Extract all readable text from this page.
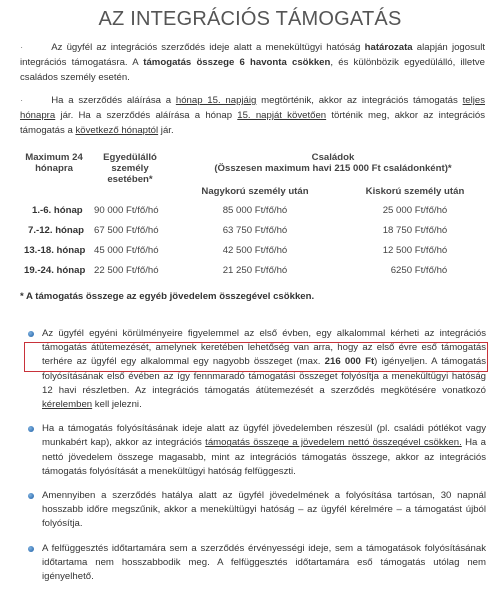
AZ INTEGRÁCIÓS TÁMOGATÁS
·	Az ügyfél az integrációs szerződés ideje alatt a menekültügyi hatóság határozata alapján jogosult integrációs támogatásra. A támogatás összege 6 havonta csökken, és különbözik egyedülálló, illetve családos személy esetén.
·	Ha a szerződés aláírása a hónap 15. napjáig megtörténik, akkor az integrációs támogatás teljes hónapra jár. Ha a szerződés aláírása a hónap 15. napját követően történik meg, akkor az integrációs támogatás a következő hónaptól jár.
Maximum 24 hónapra	Egyedülálló személy esetében*	Családok
(Összesen maximum havi 215 000 Ft családonként)*	

		Nagykorú személy után	Kiskorú személy után
1.-6. hónap	90 000 Ft/fő/hó	85 000 Ft/fő/hó	25 000 Ft/fő/hó
7.-12. hónap	67 500 Ft/fő/hó	63 750 Ft/fő/hó	18 750 Ft/fő/hó
13.-18. hónap	45 000 Ft/fő/hó	42 500 Ft/fő/hó	12 500 Ft/fő/hó
19.-24. hónap	22 500 Ft/fő/hó	21 250 Ft/fő/hó	6250 Ft/fő/hó
* A támogatás összege az egyéb jövedelem összegével csökken.
Az ügyfél egyéni körülményeire figyelemmel az első évben, egy alkalommal kérheti az integrációs támogatás átütemezését, amelynek keretében lehetőség van arra, hogy az első évre eső támogatás terhére az ügyfél egy alkalommal egy nagyobb összeget (max. 216 000 Ft) igényeljen. A támogatás folyósításának első évében az így fennmaradó támogatási összeget folyósítja a menekültügyi hatóság 12 havi részletben. Az integrációs támogatás átütemezését a szerződés megkötésére vonatkozó kérelemben kell jelezni.
Ha a támogatás folyósításának ideje alatt az ügyfél jövedelemben részesül (pl. családi pótlékot vagy munkabért kap), akkor az integrációs támogatás összege a jövedelem nettó összegével csökken. Ha a nettó jövedelem összege magasabb, mint az integrációs támogatás összege, akkor az integrációs támogatás folyósítását a menekültügyi hatóság felfüggeszti.
Amennyiben a szerződés hatálya alatt az ügyfél jövedelmének a folyósítása tartósan, 30 napnál hosszabb időre megszűnik, akkor a menekültügyi hatóság – az ügyfél kérelmére – a támogatást újból folyósítja.
A felfüggesztés időtartamára sem a szerződés érvényességi ideje, sem a támogatások folyósításának időtartama nem hosszabbodik meg. A felfüggesztés időtartamára eső támogatás utólag nem igényelhető.
